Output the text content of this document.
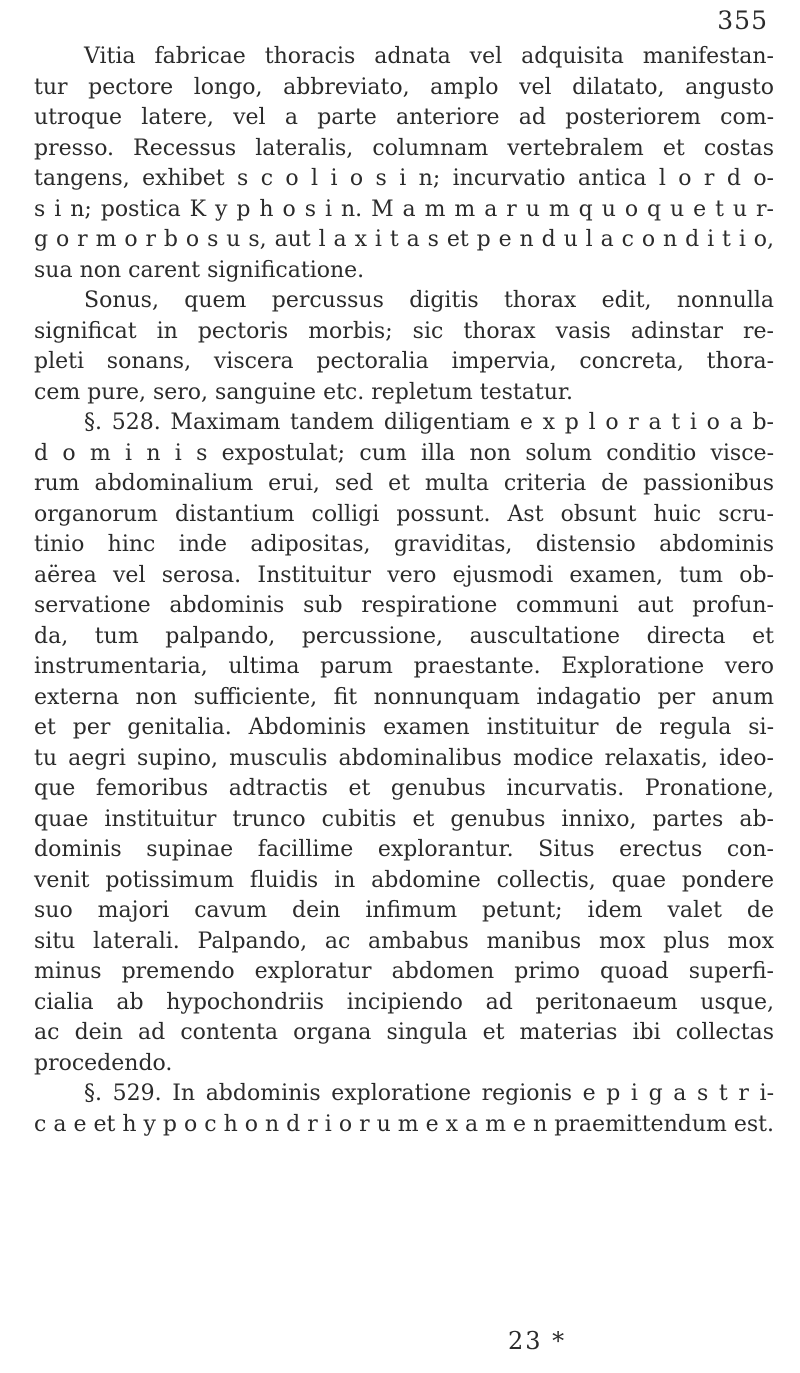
355
Vitia fabricae thoracis adnata vel adquisita manifestan-
tur pectore longo, abbreviato, amplo vel dilatato, angusto
utroque latere, vel a parte anteriore ad posteriorem com-
presso. Recessus lateralis, columnam vertebralem et costas
tangens, exhibet s c o l i o s i n; incurvatio antica l o r d o-
s i n; postica K y p h o s i n. M a m m a r u m q u o q u e t u r-
g o r m o r b o s u s, aut l a x i t a s et p e n d u l a c o n d i t i o,
sua non carent significatione.
Sonus, quem percussus digitis thorax edit, nonnulla
significat in pectoris morbis; sic thorax vasis adinstar re-
pleti sonans, viscera pectoralia impervia, concreta, thora-
cem pure, sero, sanguine etc. repletum testatur.
§. 528. Maximam tandem diligentiam e x p l o r a t i o a b-
d o m i n i s expostulat; cum illa non solum conditio visce-
rum abdominalium erui, sed et multa criteria de passionibus
organorum distantium colligi possunt. Ast obsunt huic scru-
tinio hinc inde adipositas, graviditas, distensio abdominis
aërea vel serosa. Instituitur vero ejusmodi examen, tum ob-
servatione abdominis sub respiratione communi aut profun-
da, tum palpando, percussione, auscultatione directa et
instrumentaria, ultima parum praestante. Exploratione vero
externa non sufficiente, fit nonnunquam indagatio per anum
et per genitalia. Abdominis examen instituitur de regula si-
tu aegri supino, musculis abdominalibus modice relaxatis, ideo-
que femoribus adtractis et genubus incurvatis. Pronatione,
quae instituitur trunco cubitis et genubus innixo, partes ab-
dominis supinae facillime explorantur. Situs erectus con-
venit potissimum fluidis in abdomine collectis, quae pondere
suo majori cavum dein infimum petunt; idem valet de
situ laterali. Palpando, ac ambabus manibus mox plus mox
minus premendo exploratur abdomen primo quoad superfi-
cialia ab hypochondriis incipiendo ad peritonaeum usque,
ac dein ad contenta organa singula et materias ibi collectas
procedendo.
§. 529. In abdominis exploratione regionis e p i g a s t r i-
c a e et h y p o c h o n d r i o r u m e x a m e n praemittendum est.
23 *
